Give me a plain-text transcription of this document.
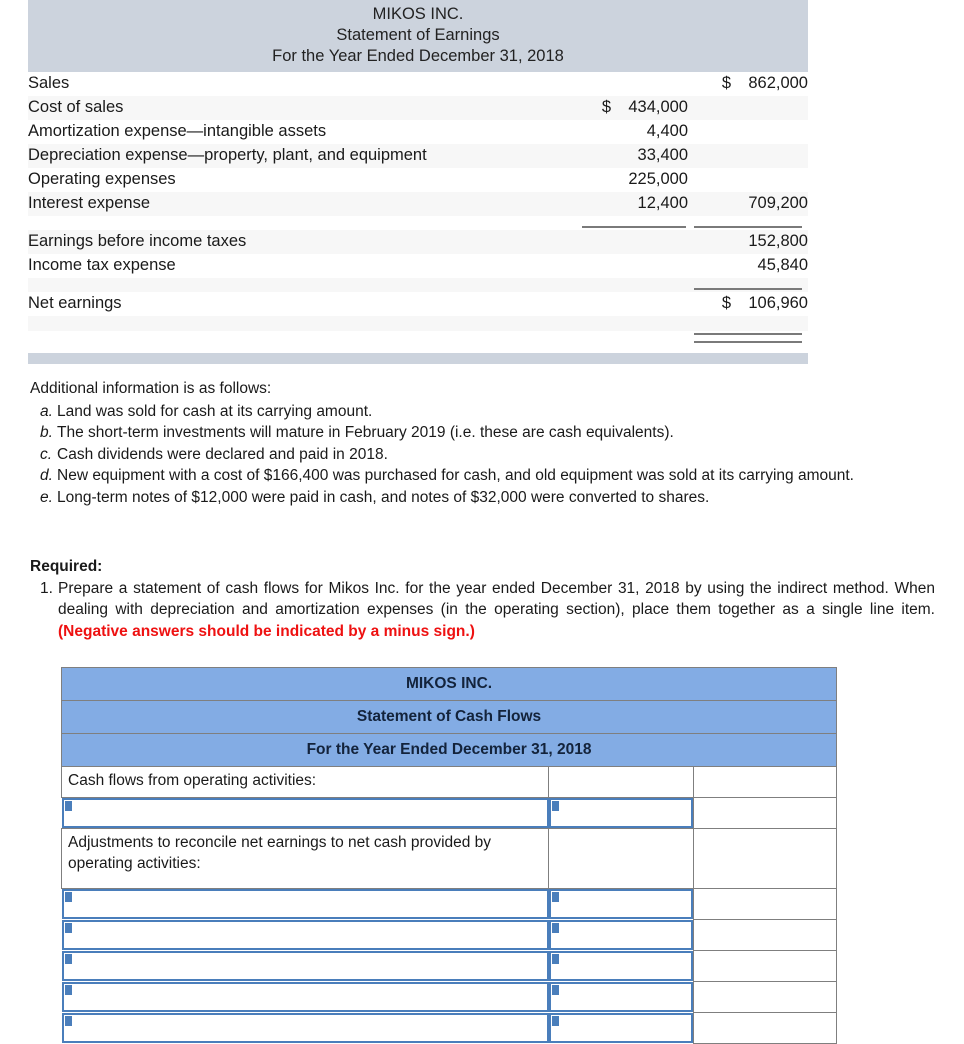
MIKOS INC.
Statement of Earnings
For the Year Ended December 31, 2018
Sales		$ 862,000
Cost of sales	$ 434,000	
Amortization expense—intangible assets	4,400	
Depreciation expense—property, plant, and equipment	33,400	
Operating expenses	225,000	
Interest expense	12,400	709,200

Earnings before income taxes		152,800
Income tax expense		45,840

Net earnings		$ 106,960

Additional information is as follows:
a. Land was sold for cash at its carrying amount.
b. The short-term investments will mature in February 2019 (i.e. these are cash equivalents).
c. Cash dividends were declared and paid in 2018.
d. New equipment with a cost of $166,400 was purchased for cash, and old equipment was sold at its carrying amount.
e. Long-term notes of $12,000 were paid in cash, and notes of $32,000 were converted to shares.
Required:
1. Prepare a statement of cash flows for Mikos Inc. for the year ended December 31, 2018 by using the indirect method. When dealing with depreciation and amortization expenses (in the operating section), place them together as a single line item. (Negative answers should be indicated by a minus sign.)
MIKOS INC.		
Statement of Cash Flows		
For the Year Ended December 31, 2018		
Cash flows from operating activities:		

Adjustments to reconcile net earnings to net cash provided by operating activities:		
